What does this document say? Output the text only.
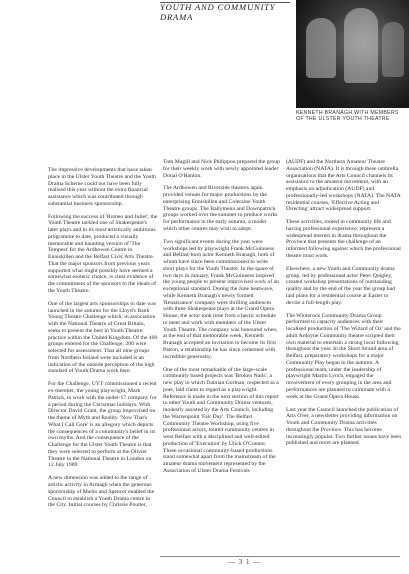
YOUTH AND COMMUNITY DRAMA
KENNETH BRANAGH WITH MEMBERS OF THE ULSTER YOUTH THEATRE

The impressive developments that have taken place in the Ulster Youth Theatre and the Youth Drama Scheme could not have been fully realised this year without the extra financial assistance which was contributed through substantial business sponsorship.

Following the success of 'Romeo and Juliet', the Youth Theatre tackled one of Shakespeare's later plays and in its most artistically ambitious programme to date, produced a visually memorable and haunting version of 'The Tempest' for the Ardhowen Centre in Enniskillen and the Belfast Civic Arts Theatre. That the major sponsors from previous years supported what might possibly have seemed a somewhat esoteric choice, is clear evidence of the commitment of the sponsors to the ideals of the Youth Theatre.

One of the largest arts sponsorships to date was launched in the autumn for the Lloyd's Bank Young Theatre Challenge which, in association with the National Theatre of Great Britain, seeks to present the best in Youth Theatre practice within the United Kingdom. Of the 400 groups entered for the Challenge, 200 were selected for assessment. That all nine groups from Northern Ireland were included is an indication of the outside perception of the high standard of Youth Drama work here.

For the Challenge, UYT commissioned a recent ex-member, the young playwright, Mark Patrick, to work with the under-17 company for a period during the Christmas holidays. With Director David Grant, the group improvised on the theme of Myth and Reality. 'Now That's What I Call Gore' is an allegory which depicts the consequences of a community's belief in its own myths. And the consequence of the Challenge for the Ulster Youth Theatre is that they were selected to perform at the Olivier Theatre in the National Theatre in London on 12 July 1989.

A new dimension was added to the range of artistic activity in Armagh when the generous sponsorship of Marks and Spencer enabled the Council to establish a Youth Drama centre in the City. Initial courses by Chrissie Poulter,

Tom Magill and Nick Philippou prepared the group for their weekly work with newly appointed leader Donal O'Hanlon.

The Ardhowen and Riverside theatres again provided venues for major productions by the enterprising Enniskillen and Coleraine Youth Theatre groups. The Ballymena and Downpatrick groups worked over the summer to produce works for performance in the early autumn, a model which other centres may wish to adopt.

Two significant events during the year were workshops led by playwright Frank McGuinness and Belfast-born actor Kenneth Branagh, both of whom have since been commissioned to write short plays for the Youth Theatre. In the space of two days in January, Frank McGuinness inspired the young people to present improvised work of an exceptional standard. During the June heatwave, while Kenneth Branagh's newly formed 'Renaissance' company were thrilling audiences with three Shakespeare plays at the Grand Opera House, the actor took time from a hectic schedule to meet and work with members of the Ulster Youth Theatre. The company was honoured when, at the end of that memorable week, Kenneth Branagh accepted an invitation to become its first Patron, a relationship he has since cemented with incredible generosity.

One of the most remarkable of the large-scale community based projects was 'Broken Nails', a new play in which Damian Gorman, respected as a poet, laid claim to regard as a playwright. Reference is made in the next section of this report to other Youth and Community Drama ventures, modestly assisted by the Arts Council, including the Warrenpoint 'Fair Day'. The Belfast Community Theatre Workshop, using five professional actors, toured community centres in west Belfast with a disciplined and well-edited production of 'Execution' by Ulick O'Connor. These occasional community-based productions stand somewhat apart from the mainstream of the amateur drama movement represented by the Association of Ulster Drama Festivals

(AUDF) and the Northern Amateur Theatre Association (NATA). It is through these umbrella organisations that the Arts Council channels its assistance to the amateur movement, with an emphasis on adjudication (AUDF) and professionally-led workshops (NATA). The NATA residential courses, 'Effective Acting and Directing' attract widespread support.

These activities, rooted in community life and having professional experience, represent a widespread interest in drama throughout the Province that presents the challenge of an informed following against which the professional theatre must work.

Elsewhere, a new Youth and Community drama group, led by professional actor Peter Quigley, created workshop presentations of outstanding quality and by the end of the year the group had laid plans for a residential course at Easter to devise a full-length play.

The Whiterock Community Drama Group performed to capacity audiences with their localised production of 'The Wizard of Oz' and the adult Ardoyne Community theatre scripted their own material to entertain a strong local following throughout the year. In the Short Strand area of Belfast, preparatory workshops for a major Community Play began in the autumn. A professional team, under the leadership of playwright Martin Lynch, engaged the involvement of every grouping in the area and performances are planned to culminate with a week at the Grand Opera House.

Last year the Council launched the publication of Arts Over, a newsletter providing information on Youth and Community Drama activities throughout the Province. This has become increasingly popular. Two further issues have been published and more are planned.

— 3 1 —
